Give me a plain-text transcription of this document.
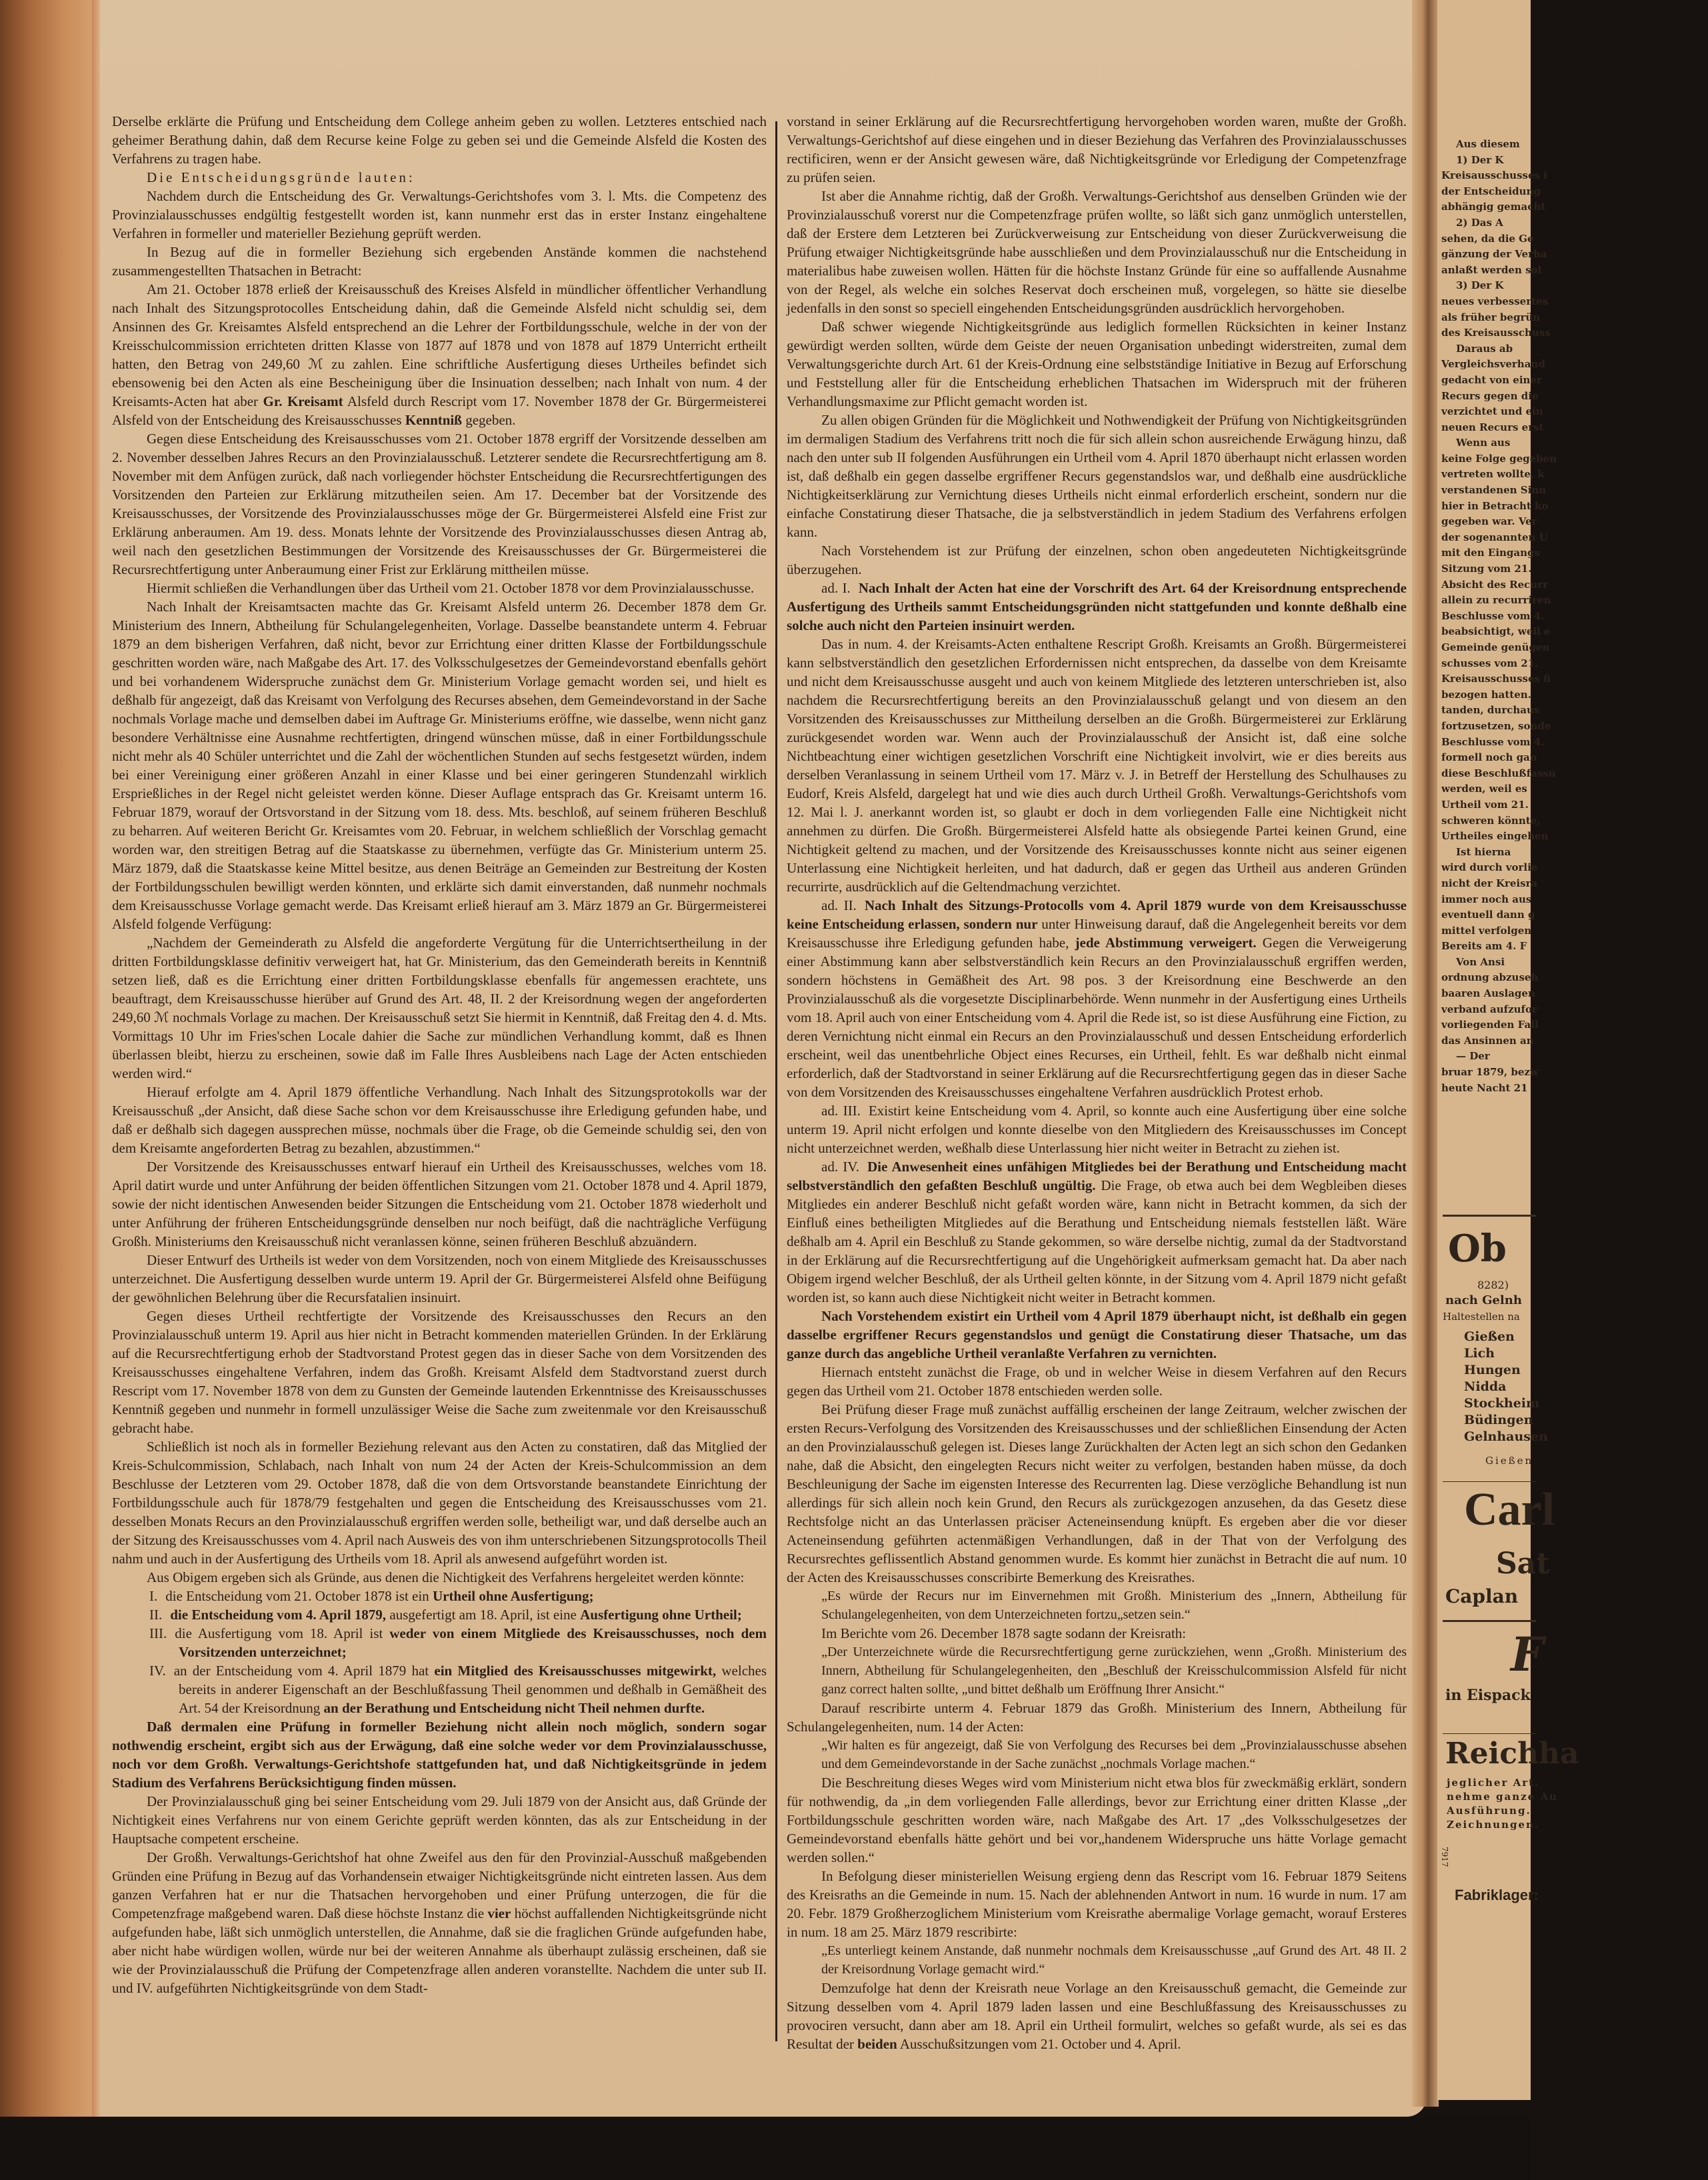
Derselbe erklärte die Prüfung und Entscheidung dem College anheim geben zu wollen. Letzteres entschied nach geheimer Berathung dahin, daß dem Recurse keine Folge zu geben sei und die Gemeinde Alsfeld die Kosten des Verfahrens zu tragen habe.

Die Entscheidungsgründe lauten:

Nachdem durch die Entscheidung des Gr. Verwaltungs-Gerichtshofes vom 3. l. Mts. die Competenz des Provinzialausschusses endgültig festgestellt worden ist, kann nunmehr erst das in erster Instanz eingehaltene Verfahren in formeller und materieller Beziehung geprüft werden.

In Bezug auf die in formeller Beziehung sich ergebenden Anstände kommen die nachstehend zusammengestellten Thatsachen in Betracht:

Am 21. October 1878 erließ der Kreisausschuß des Kreises Alsfeld in mündlicher öffentlicher Verhandlung nach Inhalt des Sitzungsprotocolles Entscheidung dahin, daß die Gemeinde Alsfeld nicht schuldig sei, dem Ansinnen des Gr. Kreisamtes Alsfeld entsprechend an die Lehrer der Fortbildungsschule, welche in der von der Kreisschulcommission errichteten dritten Klasse von 1877 auf 1878 und von 1878 auf 1879 Unterricht ertheilt hatten, den Betrag von 249,60 ℳ zu zahlen. Eine schriftliche Ausfertigung dieses Urtheiles befindet sich ebensowenig bei den Acten als eine Bescheinigung über die Insinuation desselben; nach Inhalt von num. 4 der Kreisamts-Acten hat aber Gr. Kreisamt Alsfeld durch Rescript vom 17. November 1878 der Gr. Bürgermeisterei Alsfeld von der Entscheidung des Kreisausschusses Kenntniß gegeben.

Gegen diese Entscheidung des Kreisausschusses vom 21. October 1878 ergriff der Vorsitzende desselben am 2. November desselben Jahres Recurs an den Provinzialausschuß. Letzterer sendete die Recursrechtfertigung am 8. November mit dem Anfügen zurück, daß nach vorliegender höchster Entscheidung die Recursrechtfertigungen des Vorsitzenden den Parteien zur Erklärung mitzutheilen seien. Am 17. December bat der Vorsitzende des Kreisausschusses, der Vorsitzende des Provinzialausschusses möge der Gr. Bürgermeisterei Alsfeld eine Frist zur Erklärung anberaumen. Am 19. dess. Monats lehnte der Vorsitzende des Provinzialausschusses diesen Antrag ab, weil nach den gesetzlichen Bestimmungen der Vorsitzende des Kreisausschusses der Gr. Bürgermeisterei die Recursrechtfertigung unter Anberaumung einer Frist zur Erklärung mittheilen müsse.

Hiermit schließen die Verhandlungen über das Urtheil vom 21. October 1878 vor dem Provinzialausschusse.

Nach Inhalt der Kreisamtsacten machte das Gr. Kreisamt Alsfeld unterm 26. December 1878 dem Gr. Ministerium des Innern, Abtheilung für Schulangelegenheiten, Vorlage. Dasselbe beanstandete unterm 4. Februar 1879 an dem bisherigen Verfahren, daß nicht, bevor zur Errichtung einer dritten Klasse der Fortbildungsschule geschritten worden wäre, nach Maßgabe des Art. 17. des Volksschulgesetzes der Gemeindevorstand ebenfalls gehört und bei vorhandenem Widerspruche zunächst dem Gr. Ministerium Vorlage gemacht worden sei, und hielt es deßhalb für angezeigt, daß das Kreisamt von Verfolgung des Recurses absehen, dem Gemeindevorstand in der Sache nochmals Vorlage mache und demselben dabei im Auftrage Gr. Ministeriums eröffne, wie dasselbe, wenn nicht ganz besondere Verhältnisse eine Ausnahme rechtfertigten, dringend wünschen müsse, daß in einer Fortbildungsschule nicht mehr als 40 Schüler unterrichtet und die Zahl der wöchentlichen Stunden auf sechs festgesetzt würden, indem bei einer Vereinigung einer größeren Anzahl in einer Klasse und bei einer geringeren Stundenzahl wirklich Ersprießliches in der Regel nicht geleistet werden könne. Dieser Auflage entsprach das Gr. Kreisamt unterm 16. Februar 1879, worauf der Ortsvorstand in der Sitzung vom 18. dess. Mts. beschloß, auf seinem früheren Beschluß zu beharren. Auf weiteren Bericht Gr. Kreisamtes vom 20. Februar, in welchem schließlich der Vorschlag gemacht worden war, den streitigen Betrag auf die Staatskasse zu übernehmen, verfügte das Gr. Ministerium unterm 25. März 1879, daß die Staatskasse keine Mittel besitze, aus denen Beiträge an Gemeinden zur Bestreitung der Kosten der Fortbildungsschulen bewilligt werden könnten, und erklärte sich damit einverstanden, daß nunmehr nochmals dem Kreisausschusse Vorlage gemacht werde. Das Kreisamt erließ hierauf am 3. März 1879 an Gr. Bürgermeisterei Alsfeld folgende Verfügung:

„Nachdem der Gemeinderath zu Alsfeld die angeforderte Vergütung für die Unterrichtsertheilung in der dritten Fortbildungsklasse definitiv verweigert hat, hat Gr. Ministerium, das den Gemeinderath bereits in Kenntniß setzen ließ, daß es die Errichtung einer dritten Fortbildungsklasse ebenfalls für angemessen erachtete, uns beauftragt, dem Kreisausschusse hierüber auf Grund des Art. 48, II. 2 der Kreisordnung wegen der angeforderten 249,60 ℳ nochmals Vorlage zu machen. Der Kreisausschuß setzt Sie hiermit in Kenntniß, daß Freitag den 4. d. Mts. Vormittags 10 Uhr im Fries'schen Locale dahier die Sache zur mündlichen Verhandlung kommt, daß es Ihnen überlassen bleibt, hierzu zu erscheinen, sowie daß im Falle Ihres Ausbleibens nach Lage der Acten entschieden werden wird.“

Hierauf erfolgte am 4. April 1879 öffentliche Verhandlung. Nach Inhalt des Sitzungsprotokolls war der Kreisausschuß „der Ansicht, daß diese Sache schon vor dem Kreisausschusse ihre Erledigung gefunden habe, und daß er deßhalb sich dagegen aussprechen müsse, nochmals über die Frage, ob die Gemeinde schuldig sei, den von dem Kreisamte angeforderten Betrag zu bezahlen, abzustimmen.“

Der Vorsitzende des Kreisausschusses entwarf hierauf ein Urtheil des Kreisausschusses, welches vom 18. April datirt wurde und unter Anführung der beiden öffentlichen Sitzungen vom 21. October 1878 und 4. April 1879, sowie der nicht identischen Anwesenden beider Sitzungen die Entscheidung vom 21. October 1878 wiederholt und unter Anführung der früheren Entscheidungsgründe denselben nur noch beifügt, daß die nachträgliche Verfügung Großh. Ministeriums den Kreisausschuß nicht veranlassen könne, seinen früheren Beschluß abzuändern.

Dieser Entwurf des Urtheils ist weder von dem Vorsitzenden, noch von einem Mitgliede des Kreisausschusses unterzeichnet. Die Ausfertigung desselben wurde unterm 19. April der Gr. Bürgermeisterei Alsfeld ohne Beifügung der gewöhnlichen Belehrung über die Recursfatalien insinuirt.

Gegen dieses Urtheil rechtfertigte der Vorsitzende des Kreisausschusses den Recurs an den Provinzialausschuß unterm 19. April aus hier nicht in Betracht kommenden materiellen Gründen. In der Erklärung auf die Recursrechtfertigung erhob der Stadtvorstand Protest gegen das in dieser Sache von dem Vorsitzenden des Kreisausschusses eingehaltene Verfahren, indem das Großh. Kreisamt Alsfeld dem Stadtvorstand zuerst durch Rescript vom 17. November 1878 von dem zu Gunsten der Gemeinde lautenden Erkenntnisse des Kreisausschusses Kenntniß gegeben und nunmehr in formell unzulässiger Weise die Sache zum zweitenmale vor den Kreisausschuß gebracht habe.

Schließlich ist noch als in formeller Beziehung relevant aus den Acten zu constatiren, daß das Mitglied der Kreis-Schulcommission, Schlabach, nach Inhalt von num 24 der Acten der Kreis-Schulcommission an dem Beschlusse der Letzteren vom 29. October 1878, daß die von dem Ortsvorstande beanstandete Einrichtung der Fortbildungsschule auch für 1878/79 festgehalten und gegen die Entscheidung des Kreisausschusses vom 21. desselben Monats Recurs an den Provinzialausschuß ergriffen werden solle, betheiligt war, und daß derselbe auch an der Sitzung des Kreisausschusses vom 4. April nach Ausweis des von ihm unterschriebenen Sitzungsprotocolls Theil nahm und auch in der Ausfertigung des Urtheils vom 18. April als anwesend aufgeführt worden ist.

Aus Obigem ergeben sich als Gründe, aus denen die Nichtigkeit des Verfahrens hergeleitet werden könnte:

I. die Entscheidung vom 21. October 1878 ist ein Urtheil ohne Ausfertigung;

II. die Entscheidung vom 4. April 1879, ausgefertigt am 18. April, ist eine Ausfertigung ohne Urtheil;

III. die Ausfertigung vom 18. April ist weder von einem Mitgliede des Kreisausschusses, noch dem Vorsitzenden unterzeichnet;

IV. an der Entscheidung vom 4. April 1879 hat ein Mitglied des Kreisausschusses mitgewirkt, welches bereits in anderer Eigenschaft an der Beschlußfassung Theil genommen und deßhalb in Gemäßheit des Art. 54 der Kreisordnung an der Berathung und Entscheidung nicht Theil nehmen durfte.

Daß dermalen eine Prüfung in formeller Beziehung nicht allein noch möglich, sondern sogar nothwendig erscheint, ergibt sich aus der Erwägung, daß eine solche weder vor dem Provinzialausschusse, noch vor dem Großh. Verwaltungs-Gerichtshofe stattgefunden hat, und daß Nichtigkeitsgründe in jedem Stadium des Verfahrens Berücksichtigung finden müssen.

Der Provinzialausschuß ging bei seiner Entscheidung vom 29. Juli 1879 von der Ansicht aus, daß Gründe der Nichtigkeit eines Verfahrens nur von einem Gerichte geprüft werden könnten, das als zur Entscheidung in der Hauptsache competent erscheine.

Der Großh. Verwaltungs-Gerichtshof hat ohne Zweifel aus den für den Provinzial-Ausschuß maßgebenden Gründen eine Prüfung in Bezug auf das Vorhandensein etwaiger Nichtigkeitsgründe nicht eintreten lassen. Aus dem ganzen Verfahren hat er nur die Thatsachen hervorgehoben und einer Prüfung unterzogen, die für die Competenzfrage maßgebend waren. Daß diese höchste Instanz die vier höchst auffallenden Nichtigkeitsgründe nicht aufgefunden habe, läßt sich unmöglich unterstellen, die Annahme, daß sie die fraglichen Gründe aufgefunden habe, aber nicht habe würdigen wollen, würde nur bei der weiteren Annahme als überhaupt zulässig erscheinen, daß sie wie der Provinzialausschuß die Prüfung der Competenzfrage allen anderen voranstellte. Nachdem die unter sub II. und IV. aufgeführten Nichtigkeitsgründe von dem Stadt-

vorstand in seiner Erklärung auf die Recursrechtfertigung hervorgehoben worden waren, mußte der Großh. Verwaltungs-Gerichtshof auf diese eingehen und in dieser Beziehung das Verfahren des Provinzialausschusses rectificiren, wenn er der Ansicht gewesen wäre, daß Nichtigkeitsgründe vor Erledigung der Competenzfrage zu prüfen seien.

Ist aber die Annahme richtig, daß der Großh. Verwaltungs-Gerichtshof aus denselben Gründen wie der Provinzialausschuß vorerst nur die Competenzfrage prüfen wollte, so läßt sich ganz unmöglich unterstellen, daß der Erstere dem Letzteren bei Zurückverweisung zur Entscheidung von dieser Zurückverweisung die Prüfung etwaiger Nichtigkeitsgründe habe ausschließen und dem Provinzialausschuß nur die Entscheidung in materialibus habe zuweisen wollen. Hätten für die höchste Instanz Gründe für eine so auffallende Ausnahme von der Regel, als welche ein solches Reservat doch erscheinen muß, vorgelegen, so hätte sie dieselbe jedenfalls in den sonst so speciell eingehenden Entscheidungsgründen ausdrücklich hervorgehoben.

Daß schwer wiegende Nichtigkeitsgründe aus lediglich formellen Rücksichten in keiner Instanz gewürdigt werden sollten, würde dem Geiste der neuen Organisation unbedingt widerstreiten, zumal dem Verwaltungsgerichte durch Art. 61 der Kreis-Ordnung eine selbstständige Initiative in Bezug auf Erforschung und Feststellung aller für die Entscheidung erheblichen Thatsachen im Widerspruch mit der früheren Verhandlungsmaxime zur Pflicht gemacht worden ist.

Zu allen obigen Gründen für die Möglichkeit und Nothwendigkeit der Prüfung von Nichtigkeitsgründen im dermaligen Stadium des Verfahrens tritt noch die für sich allein schon ausreichende Erwägung hinzu, daß nach den unter sub II folgenden Ausführungen ein Urtheil vom 4. April 1870 überhaupt nicht erlassen worden ist, daß deßhalb ein gegen dasselbe ergriffener Recurs gegenstandslos war, und deßhalb eine ausdrückliche Nichtigkeitserklärung zur Vernichtung dieses Urtheils nicht einmal erforderlich erscheint, sondern nur die einfache Constatirung dieser Thatsache, die ja selbstverständlich in jedem Stadium des Verfahrens erfolgen kann.

Nach Vorstehendem ist zur Prüfung der einzelnen, schon oben angedeuteten Nichtigkeitsgründe überzugehen.

ad. I. Nach Inhalt der Acten hat eine der Vorschrift des Art. 64 der Kreisordnung entsprechende Ausfertigung des Urtheils sammt Entscheidungsgründen nicht stattgefunden und konnte deßhalb eine solche auch nicht den Parteien insinuirt werden.

Das in num. 4. der Kreisamts-Acten enthaltene Rescript Großh. Kreisamts an Großh. Bürgermeisterei kann selbstverständlich den gesetzlichen Erfordernissen nicht entsprechen, da dasselbe von dem Kreisamte und nicht dem Kreisausschusse ausgeht und auch von keinem Mitgliede des letzteren unterschrieben ist, also nachdem die Recursrechtfertigung bereits an den Provinzialausschuß gelangt und von diesem an den Vorsitzenden des Kreisausschusses zur Mittheilung derselben an die Großh. Bürgermeisterei zur Erklärung zurückgesendet worden war. Wenn auch der Provinzialausschuß der Ansicht ist, daß eine solche Nichtbeachtung einer wichtigen gesetzlichen Vorschrift eine Nichtigkeit involvirt, wie er dies bereits aus derselben Veranlassung in seinem Urtheil vom 17. März v. J. in Betreff der Herstellung des Schulhauses zu Eudorf, Kreis Alsfeld, dargelegt hat und wie dies auch durch Urtheil Großh. Verwaltungs-Gerichtshofs vom 12. Mai l. J. anerkannt worden ist, so glaubt er doch in dem vorliegenden Falle eine Nichtigkeit nicht annehmen zu dürfen. Die Großh. Bürgermeisterei Alsfeld hatte als obsiegende Partei keinen Grund, eine Nichtigkeit geltend zu machen, und der Vorsitzende des Kreisausschusses konnte nicht aus seiner eigenen Unterlassung eine Nichtigkeit herleiten, und hat dadurch, daß er gegen das Urtheil aus anderen Gründen recurrirte, ausdrücklich auf die Geltendmachung verzichtet.

ad. II. Nach Inhalt des Sitzungs-Protocolls vom 4. April 1879 wurde von dem Kreisausschusse keine Entscheidung erlassen, sondern nur unter Hinweisung darauf, daß die Angelegenheit bereits vor dem Kreisausschusse ihre Erledigung gefunden habe, jede Abstimmung verweigert. Gegen die Verweigerung einer Abstimmung kann aber selbstverständlich kein Recurs an den Provinzialausschuß ergriffen werden, sondern höchstens in Gemäßheit des Art. 98 pos. 3 der Kreisordnung eine Beschwerde an den Provinzialausschuß als die vorgesetzte Disciplinarbehörde. Wenn nunmehr in der Ausfertigung eines Urtheils vom 18. April auch von einer Entscheidung vom 4. April die Rede ist, so ist diese Ausführung eine Fiction, zu deren Vernichtung nicht einmal ein Recurs an den Provinzialausschuß und dessen Entscheidung erforderlich erscheint, weil das unentbehrliche Object eines Recurses, ein Urtheil, fehlt. Es war deßhalb nicht einmal erforderlich, daß der Stadtvorstand in seiner Erklärung auf die Recursrechtfertigung gegen das in dieser Sache von dem Vorsitzenden des Kreisausschusses eingehaltene Verfahren ausdrücklich Protest erhob.

ad. III. Existirt keine Entscheidung vom 4. April, so konnte auch eine Ausfertigung über eine solche unterm 19. April nicht erfolgen und konnte dieselbe von den Mitgliedern des Kreisausschusses im Concept nicht unterzeichnet werden, weßhalb diese Unterlassung hier nicht weiter in Betracht zu ziehen ist.

ad. IV. Die Anwesenheit eines unfähigen Mitgliedes bei der Berathung und Entscheidung macht selbstverständlich den gefaßten Beschluß ungültig. Die Frage, ob etwa auch bei dem Wegbleiben dieses Mitgliedes ein anderer Beschluß nicht gefaßt worden wäre, kann nicht in Betracht kommen, da sich der Einfluß eines betheiligten Mitgliedes auf die Berathung und Entscheidung niemals feststellen läßt. Wäre deßhalb am 4. April ein Beschluß zu Stande gekommen, so wäre derselbe nichtig, zumal da der Stadtvorstand in der Erklärung auf die Recursrechtfertigung auf die Ungehörigkeit aufmerksam gemacht hat. Da aber nach Obigem irgend welcher Beschluß, der als Urtheil gelten könnte, in der Sitzung vom 4. April 1879 nicht gefaßt worden ist, so kann auch diese Nichtigkeit nicht weiter in Betracht kommen.

Nach Vorstehendem existirt ein Urtheil vom 4 April 1879 überhaupt nicht, ist deßhalb ein gegen dasselbe ergriffener Recurs gegenstandslos und genügt die Constatirung dieser Thatsache, um das ganze durch das angebliche Urtheil veranlaßte Verfahren zu vernichten.

Hiernach entsteht zunächst die Frage, ob und in welcher Weise in diesem Verfahren auf den Recurs gegen das Urtheil vom 21. October 1878 entschieden werden solle.

Bei Prüfung dieser Frage muß zunächst auffällig erscheinen der lange Zeitraum, welcher zwischen der ersten Recurs-Verfolgung des Vorsitzenden des Kreisausschusses und der schließlichen Einsendung der Acten an den Provinzialausschuß gelegen ist. Dieses lange Zurückhalten der Acten legt an sich schon den Gedanken nahe, daß die Absicht, den eingelegten Recurs nicht weiter zu verfolgen, bestanden haben müsse, da doch Beschleunigung der Sache im eigensten Interesse des Recurrenten lag. Diese verzögliche Behandlung ist nun allerdings für sich allein noch kein Grund, den Recurs als zurückgezogen anzusehen, da das Gesetz diese Rechtsfolge nicht an das Unterlassen präciser Acteneinsendung knüpft. Es ergeben aber die vor dieser Acteneinsendung geführten actenmäßigen Verhandlungen, daß in der That von der Verfolgung des Recursrechtes geflissentlich Abstand genommen wurde. Es kommt hier zunächst in Betracht die auf num. 10 der Acten des Kreisausschusses conscribirte Bemerkung des Kreisrathes.

„Es würde der Recurs nur im Einvernehmen mit Großh. Ministerium des „Innern, Abtheilung für Schulangelegenheiten, von dem Unterzeichneten fortzu„setzen sein.“

Im Berichte vom 26. December 1878 sagte sodann der Kreisrath:

„Der Unterzeichnete würde die Recursrechtfertigung gerne zurückziehen, wenn „Großh. Ministerium des Innern, Abtheilung für Schulangelegenheiten, den „Beschluß der Kreisschulcommission Alsfeld für nicht ganz correct halten sollte, „und bittet deßhalb um Eröffnung Ihrer Ansicht.“

Darauf rescribirte unterm 4. Februar 1879 das Großh. Ministerium des Innern, Abtheilung für Schulangelegenheiten, num. 14 der Acten:

„Wir halten es für angezeigt, daß Sie von Verfolgung des Recurses bei dem „Provinzialausschusse absehen und dem Gemeindevorstande in der Sache zunächst „nochmals Vorlage machen.“

Die Beschreitung dieses Weges wird vom Ministerium nicht etwa blos für zweckmäßig erklärt, sondern für nothwendig, da „in dem vorliegenden Falle allerdings, bevor zur Errichtung einer dritten Klasse „der Fortbildungsschule geschritten worden wäre, nach Maßgabe des Art. 17 „des Volksschulgesetzes der Gemeindevorstand ebenfalls hätte gehört und bei vor„handenem Widerspruche uns hätte Vorlage gemacht werden sollen.“

In Befolgung dieser ministeriellen Weisung ergieng denn das Rescript vom 16. Februar 1879 Seitens des Kreisraths an die Gemeinde in num. 15. Nach der ablehnenden Antwort in num. 16 wurde in num. 17 am 20. Febr. 1879 Großherzoglichem Ministerium vom Kreisrathe abermalige Vorlage gemacht, worauf Ersteres in num. 18 am 25. März 1879 rescribirte:

„Es unterliegt keinem Anstande, daß nunmehr nochmals dem Kreisausschusse „auf Grund des Art. 48 II. 2 der Kreisordnung Vorlage gemacht wird.“

Demzufolge hat denn der Kreisrath neue Vorlage an den Kreisausschuß gemacht, die Gemeinde zur Sitzung desselben vom 4. April 1879 laden lassen und eine Beschlußfassung des Kreisausschusses zu provociren versucht, dann aber am 18. April ein Urtheil formulirt, welches so gefaßt wurde, als sei es das Resultat der beiden Ausschußsitzungen vom 21. October und 4. April.

Aus diesem
1) Der K
Kreisausschusses i
der Entscheidung
abhängig gemacht
2) Das A
sehen, da die Ge
gänzung der Verha
anlaßt werden sol
3) Der K
neues verbessertes
als früher begrün
des Kreisausschuss
Daraus ab
Vergleichsverhand
gedacht von einer
Recurs gegen die
verzichtet und ein
neuen Recurs erst
Wenn aus
keine Folge gegeben
vertreten wollte, k
verstandenen Sinn
hier in Betracht ko
gegeben war. Ver
der sogenannten U
mit den Eingangs
Sitzung vom 21.
Absicht des Recurr
allein zu recurriren
Beschlusse vom 4.
beabsichtigt, weil e
Gemeinde genügen
schusses vom 21.
Kreisausschusses fi
bezogen hatten.
tanden, durchaus
fortzusetzen, sonde
Beschlusse vom 4.
formell noch gan
diese Beschlußfassu
werden, weil es
Urtheil vom 21.
schweren könnte,
Urtheiles eingehen
Ist hierna
wird durch vorlie
nicht der Kreisra
immer noch aus
eventuell dann g
mittel verfolgen
Bereits am 4. F
Von Ansi
ordnung abzuseh
baaren Auslagen
verband aufzufor
vorliegenden Fall
das Ansinnen an
— Der
bruar 1879, bezw
heute Nacht 21
Ob
8282)
nach Gelnh
Haltestellen na
Gießen
Lich
Hungen
Nidda
Stockheim
Büdingen
Gelnhausen
Gießen
Carl
Sat
Caplan
F
in Eispack
Reichha
jeglicher Art.
nehme ganze Au
Ausführung.
Zeichnungen.
7917
Fabriklager:
